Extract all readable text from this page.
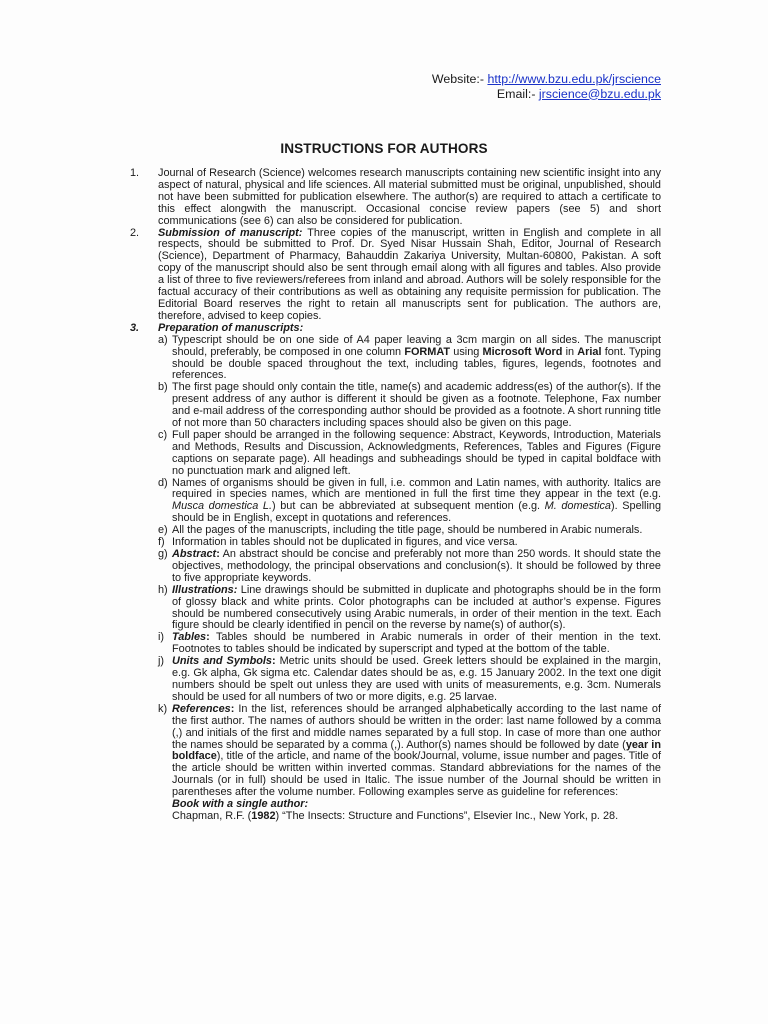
Website:- http://www.bzu.edu.pk/jrscience
Email:- jrscience@bzu.edu.pk
INSTRUCTIONS FOR AUTHORS
1. Journal of Research (Science) welcomes research manuscripts containing new scientific insight into any aspect of natural, physical and life sciences. All material submitted must be original, unpublished, should not have been submitted for publication elsewhere. The author(s) are required to attach a certificate to this effect alongwith the manuscript. Occasional concise review papers (see 5) and short communications (see 6) can also be considered for publication.
2. Submission of manuscript: Three copies of the manuscript, written in English and complete in all respects, should be submitted to Prof. Dr. Syed Nisar Hussain Shah, Editor, Journal of Research (Science), Department of Pharmacy, Bahauddin Zakariya University, Multan-60800, Pakistan. A soft copy of the manuscript should also be sent through email along with all figures and tables. Also provide a list of three to five reviewers/referees from inland and abroad. Authors will be solely responsible for the factual accuracy of their contributions as well as obtaining any requisite permission for publication. The Editorial Board reserves the right to retain all manuscripts sent for publication. The authors are, therefore, advised to keep copies.
3. Preparation of manuscripts:
a) Typescript should be on one side of A4 paper leaving a 3cm margin on all sides. The manuscript should, preferably, be composed in one column FORMAT using Microsoft Word in Arial font. Typing should be double spaced throughout the text, including tables, figures, legends, footnotes and references.
b) The first page should only contain the title, name(s) and academic address(es) of the author(s). If the present address of any author is different it should be given as a footnote. Telephone, Fax number and e-mail address of the corresponding author should be provided as a footnote. A short running title of not more than 50 characters including spaces should also be given on this page.
c) Full paper should be arranged in the following sequence: Abstract, Keywords, Introduction, Materials and Methods, Results and Discussion, Acknowledgments, References, Tables and Figures (Figure captions on separate page). All headings and subheadings should be typed in capital boldface with no punctuation mark and aligned left.
d) Names of organisms should be given in full, i.e. common and Latin names, with authority. Italics are required in species names, which are mentioned in full the first time they appear in the text (e.g. Musca domestica L.) but can be abbreviated at subsequent mention (e.g. M. domestica). Spelling should be in English, except in quotations and references.
e) All the pages of the manuscripts, including the title page, should be numbered in Arabic numerals.
f) Information in tables should not be duplicated in figures, and vice versa.
g) Abstract: An abstract should be concise and preferably not more than 250 words. It should state the objectives, methodology, the principal observations and conclusion(s). It should be followed by three to five appropriate keywords.
h) Illustrations: Line drawings should be submitted in duplicate and photographs should be in the form of glossy black and white prints. Color photographs can be included at author’s expense. Figures should be numbered consecutively using Arabic numerals, in order of their mention in the text. Each figure should be clearly identified in pencil on the reverse by name(s) of author(s).
i) Tables: Tables should be numbered in Arabic numerals in order of their mention in the text. Footnotes to tables should be indicated by superscript and typed at the bottom of the table.
j) Units and Symbols: Metric units should be used. Greek letters should be explained in the margin, e.g. Gk alpha, Gk sigma etc. Calendar dates should be as, e.g. 15 January 2002. In the text one digit numbers should be spelt out unless they are used with units of measurements, e.g. 3cm. Numerals should be used for all numbers of two or more digits, e.g. 25 larvae.
k) References: In the list, references should be arranged alphabetically according to the last name of the first author. The names of authors should be written in the order: last name followed by a comma (,) and initials of the first and middle names separated by a full stop. In case of more than one author the names should be separated by a comma (,). Author(s) names should be followed by date (year in boldface), title of the article, and name of the book/Journal, volume, issue number and pages. Title of the article should be written within inverted commas. Standard abbreviations for the names of the Journals (or in full) should be used in Italic. The issue number of the Journal should be written in parentheses after the volume number. Following examples serve as guideline for references:
Book with a single author:
Chapman, R.F. (1982) “The Insects: Structure and Functions”, Elsevier Inc., New York, p. 28.
